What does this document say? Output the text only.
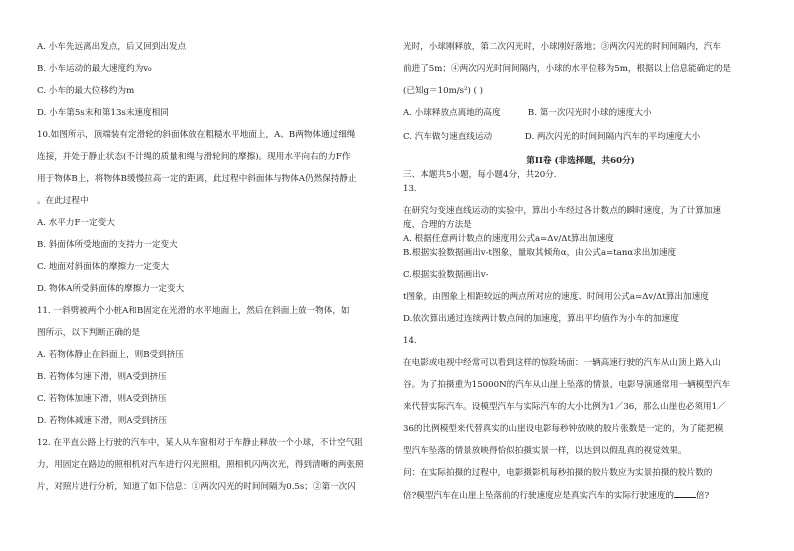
A. 小车先远离出发点，后又回到出发点
B. 小车运动的最大速度约为v₀
C. 小车的最大位移约为m
D. 小车第5s末和第13s末速度相同
10.如图所示，顶端装有定滑轮的斜面体放在粗糙水平地面上，A、B两物体通过细绳
连接，并处于静止状态(不计绳的质量和绳与滑轮间的摩擦)。现用水平向右的力F作
用于物体B上，将物体B缓慢拉高一定的距离，此过程中斜面体与物体A仍然保持静止
。在此过程中
A. 水平力F一定变大
B. 斜面体所受地面的支持力一定变大
C. 地面对斜面体的摩擦力一定变大
D. 物体A所受斜面体的摩擦力一定变大
11. 一斜劈被两个小桩A和B固定在光滑的水平地面上，然后在斜面上放一物体，如
图所示，以下判断正确的是
A. 若物体静止在斜面上，则B受到挤压
B. 若物体匀速下滑，则A受到挤压
C. 若物体加速下滑，则A受到挤压
D. 若物体减速下滑，则A受到挤压
12. 在平直公路上行驶的汽车中，某人从车窗相对于车静止释放一个小球，不计空气阻
力，用固定在路边的照相机对汽车进行闪光照相，照相机闪两次光，得到清晰的两张照
片，对照片进行分析，知道了如下信息：①两次闪光的时间间隔为0.5s；②第一次闪
光时，小球刚释放，第二次闪光时，小球刚好落地；③两次闪光的时间间隔内，汽车
前进了5m；④两次闪光时间间隔内，小球的水平位移为5m，根据以上信息能确定的是
(已知g＝10m/s²) ( )
A. 小球释放点离地的高度          B. 第一次闪光时小球的速度大小
C. 汽车做匀速直线运动            D. 两次闪光的时间间隔内汽车的平均速度大小
第II卷 (非选择题，共60分)
三、本题共5小题，每小题4分，共20分.
13.
在研究匀变速直线运动的实验中，算出小车经过各计数点的瞬时速度，为了计算加速
度，合理的方法是
A. 根据任意两计数点的速度用公式a=Δv/Δt算出加速度
B.根据实验数据画出v-t图象，量取其倾角α，由公式a=tanα求出加速度
C.根据实验数据画出v-
t图象，由图象上相距较远的两点所对应的速度、时间用公式a=Δv/Δt算出加速度
D.依次算出通过连续两计数点间的加速度，算出平均值作为小车的加速度
14.
在电影或电视中经常可以看到这样的惊险场面：一辆高速行驶的汽车从山顶上路入山
谷。为了拍摄重为15000N的汽车从山崖上坠落的情景，电影导演通常用一辆模型汽车
来代替实际汽车。设模型汽车与实际汽车的大小比例为1／36，那么山崖也必须用1／
36的比例模型来代替真实的山崖设电影每秒钟放映的胶片张数是一定的，为了能把模
型汽车坠落的情景放映得恰似拍摄实景一样，以达到以假乱真的视觉效果。
问：在实际拍摄的过程中，电影摄影机每秒拍摄的胶片数应为实景拍摄的胶片数的
倍?模型汽车在山崖上坠落前的行驶速度应是真实汽车的实际行驶速度的	倍?
